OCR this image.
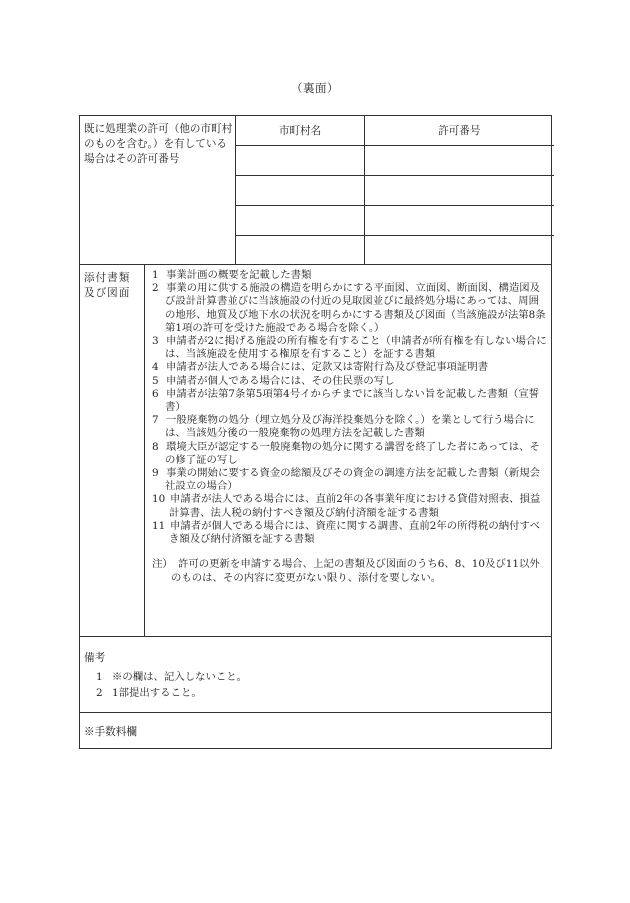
（裏面）
既に処理業の許可（他の市町村のものを含む。）を有している場合はその許可番号
市町村名	許可番号

添付書類及び図面

1 事業計画の概要を記載した書類

2 事業の用に供する施設の構造を明らかにする平面図、立面図、断面図、構造図及び設計計算書並びに当該施設の付近の見取図並びに最終処分場にあっては、周囲の地形、地質及び地下水の状況を明らかにする書類及び図面（当該施設が法第8条第1項の許可を受けた施設である場合を除く。）

3 申請者が2に掲げる施設の所有権を有すること（申請者が所有権を有しない場合には、当該施設を使用する権原を有すること）を証する書類

4 申請者が法人である場合には、定款又は寄附行為及び登記事項証明書

5 申請者が個人である場合には、その住民票の写し

6 申請者が法第7条第5項第4号イからチまでに該当しない旨を記載した書類（宣誓書）

7 一般廃棄物の処分（埋立処分及び海洋投棄処分を除く。）を業として行う場合には、当該処分後の一般廃棄物の処理方法を記載した書類

8 環境大臣が認定する一般廃棄物の処分に関する講習を終了した者にあっては、その修了証の写し

9 事業の開始に要する資金の総額及びその資金の調達方法を記載した書類（新規会社設立の場合）

10 申請者が法人である場合には、直前2年の各事業年度における貸借対照表、損益計算書、法人税の納付すべき額及び納付済額を証する書類

11 申請者が個人である場合には、資産に関する調書、直前2年の所得税の納付すべき額及び納付済額を証する書類

注）　許可の更新を申請する場合、上記の書類及び図面のうち6、8、10及び11以外のものは、その内容に変更がない限り、添付を要しない。

備考
1 ※の欄は、記入しないこと。
2 1部提出すること。
※手数料欄
